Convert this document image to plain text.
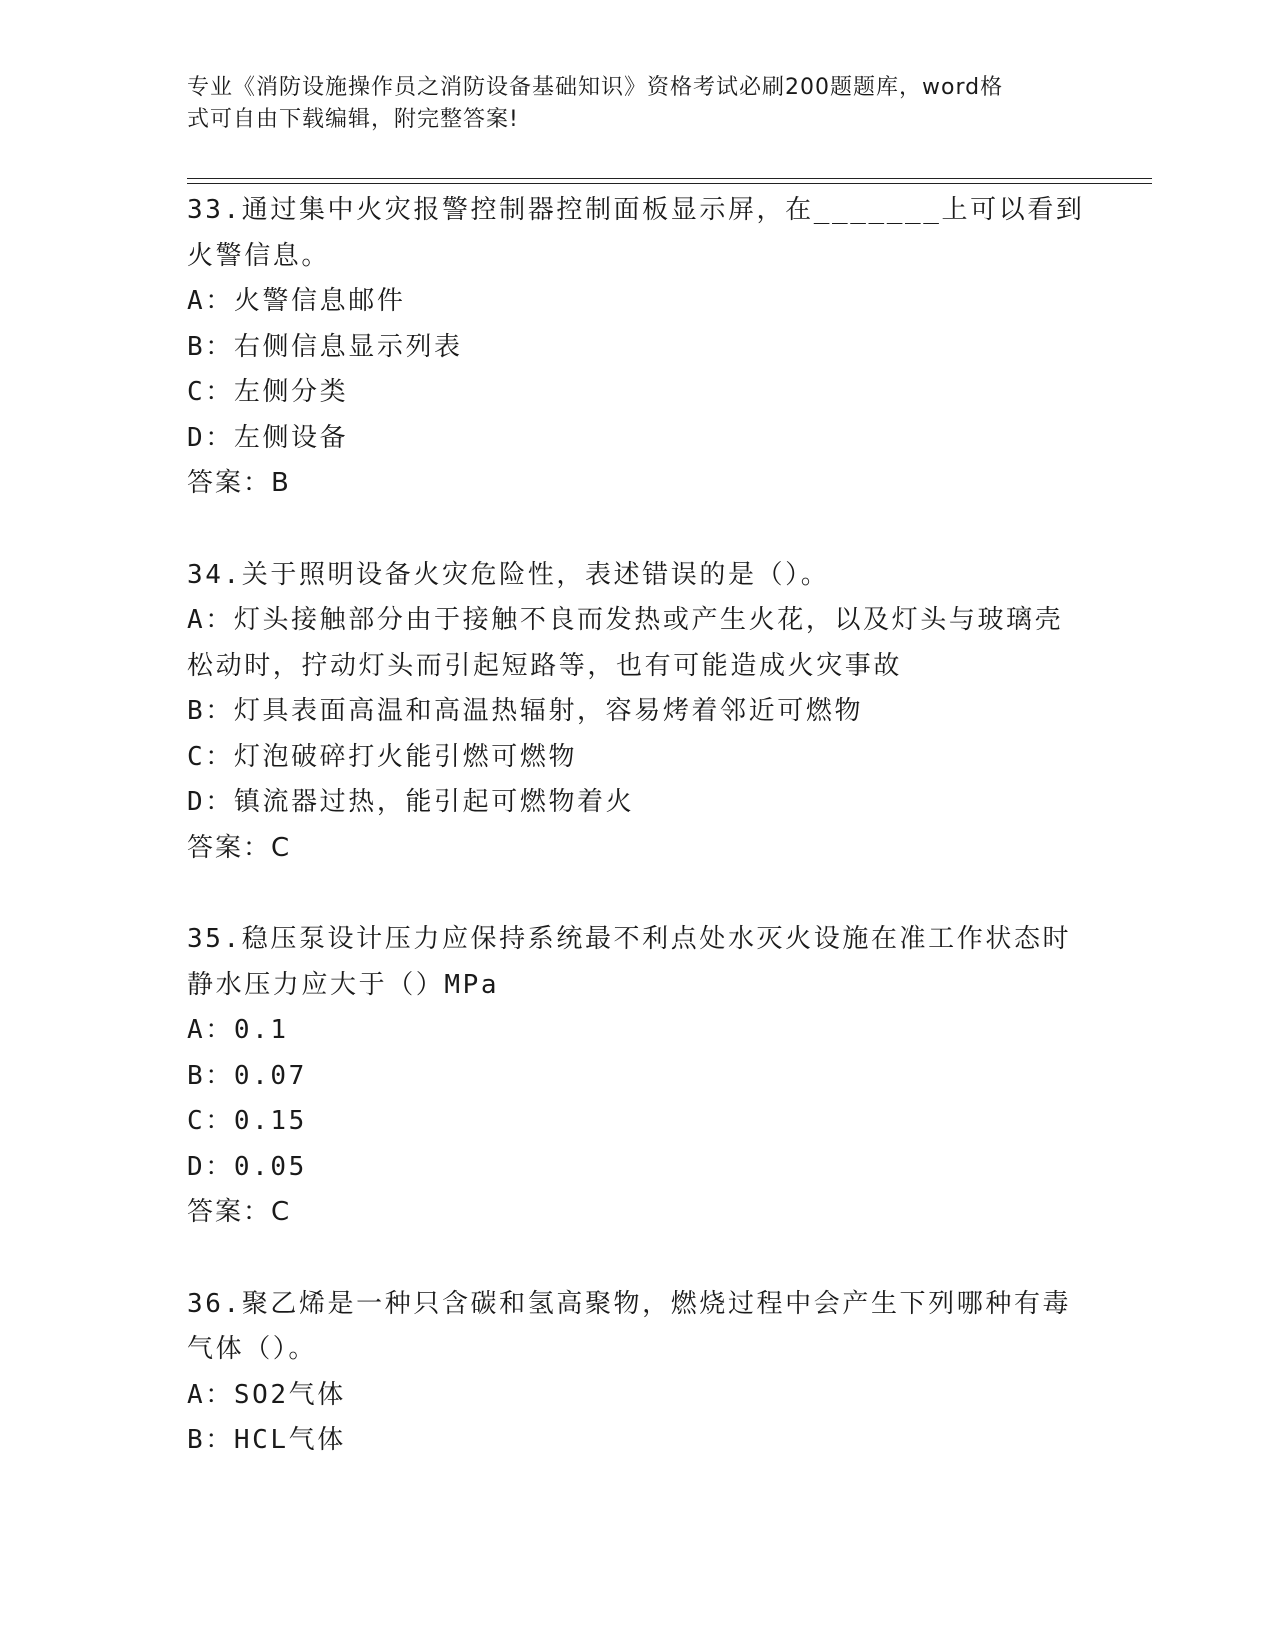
专业《消防设施操作员之消防设备基础知识》资格考试必刷200题题库，word格
式可自由下载编辑，附完整答案!
33.通过集中火灾报警控制器控制面板显示屏，在_______上可以看到
火警信息。
A：火警信息邮件
B：右侧信息显示列表
C：左侧分类
D：左侧设备
答案：B
34.关于照明设备火灾危险性，表述错误的是（）。
A：灯头接触部分由于接触不良而发热或产生火花，以及灯头与玻璃壳
松动时，拧动灯头而引起短路等，也有可能造成火灾事故
B：灯具表面高温和高温热辐射，容易烤着邻近可燃物
C：灯泡破碎打火能引燃可燃物
D：镇流器过热，能引起可燃物着火
答案：C
35.稳压泵设计压力应保持系统最不利点处水灭火设施在准工作状态时
静水压力应大于（）MPa
A：0.1
B：0.07
C：0.15
D：0.05
答案：C
36.聚乙烯是一种只含碳和氢高聚物，燃烧过程中会产生下列哪种有毒
气体（）。
A：SO2气体
B：HCL气体
